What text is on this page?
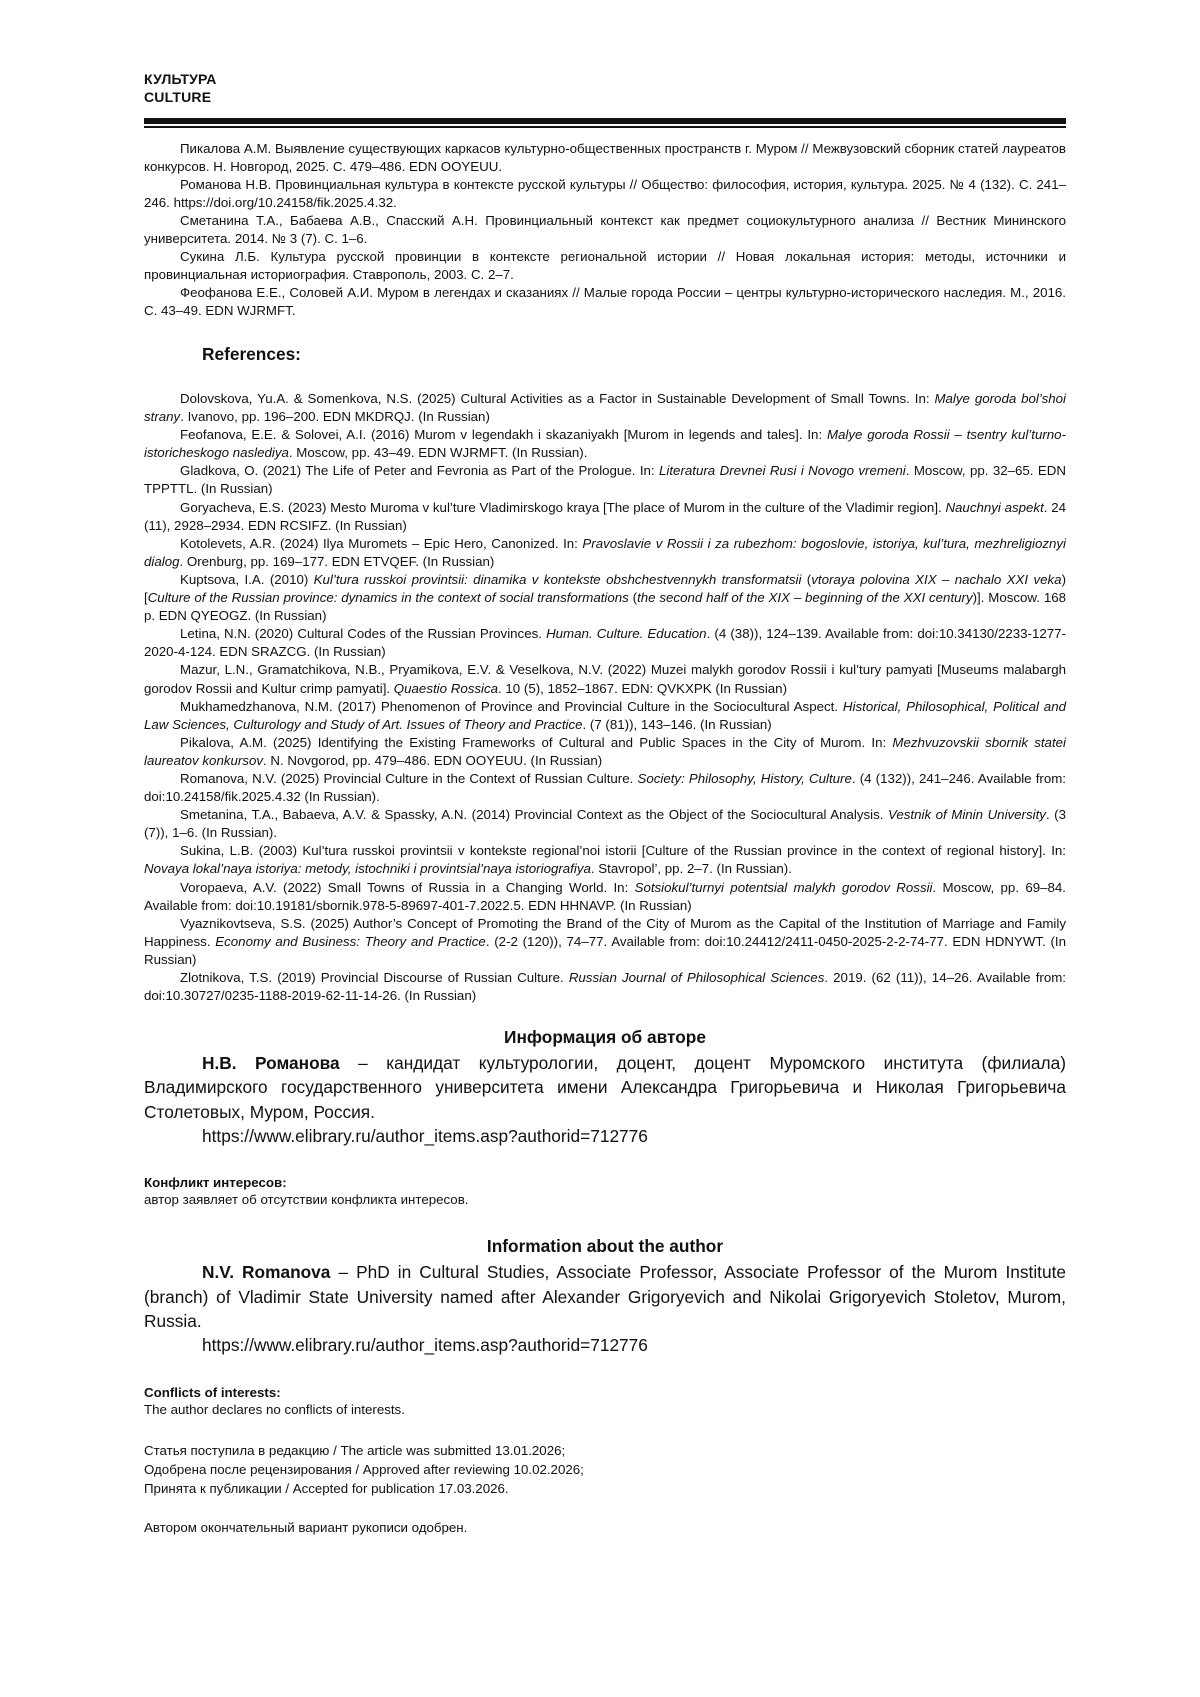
КУЛЬТУРА
CULTURE

Пикалова А.М. Выявление существующих каркасов культурно-общественных пространств г. Муром // Межвузовский сборник статей лауреатов конкурсов. Н. Новгород, 2025. С. 479–486. EDN OOYEUU.

Романова Н.В. Провинциальная культура в контексте русской культуры // Общество: философия, история, культура. 2025. № 4 (132). С. 241–246. https://doi.org/10.24158/fik.2025.4.32.

Сметанина Т.А., Бабаева А.В., Спасский А.Н. Провинциальный контекст как предмет социокультурного анализа // Вестник Мининского университета. 2014. № 3 (7). С. 1–6.

Сукина Л.Б. Культура русской провинции в контексте региональной истории // Новая локальная история: методы, источники и провинциальная историография. Ставрополь, 2003. С. 2–7.

Феофанова Е.Е., Соловей А.И. Муром в легендах и сказаниях // Малые города России – центры культурно-исторического наследия. М., 2016. С. 43–49. EDN WJRMFT.

References:

Dolovskova, Yu.A. & Somenkova, N.S. (2025) Cultural Activities as a Factor in Sustainable Development of Small Towns. In: Malye goroda bol’shoi strany. Ivanovo, pp. 196–200. EDN MKDRQJ. (In Russian)

Feofanova, E.E. & Solovei, A.I. (2016) Murom v legendakh i skazaniyakh [Murom in legends and tales]. In: Malye goroda Rossii – tsentry kul’turno-istoricheskogo naslediya. Moscow, pp. 43–49. EDN WJRMFT. (In Russian).

Gladkova, O. (2021) The Life of Peter and Fevronia as Part of the Prologue. In: Literatura Drevnei Rusi i Novogo vremeni. Moscow, pp. 32–65. EDN TPPTTL. (In Russian)

Goryacheva, E.S. (2023) Mesto Muroma v kul’ture Vladimirskogo kraya [The place of Murom in the culture of the Vladimir region]. Nauchnyi aspekt. 24 (11), 2928–2934. EDN RCSIFZ. (In Russian)

Kotolevets, A.R. (2024) Ilya Muromets – Epic Hero, Canonized. In: Pravoslavie v Rossii i za rubezhom: bogoslovie, istoriya, kul’tura, mezhreligioznyi dialog. Orenburg, pp. 169–177. EDN ETVQEF. (In Russian)

Kuptsova, I.A. (2010) Kul’tura russkoi provintsii: dinamika v kontekste obshchestvennykh transformatsii (vtoraya polovina XIX – nachalo XXI veka) [Culture of the Russian province: dynamics in the context of social transformations (the second half of the XIX – beginning of the XXI century)]. Moscow. 168 p. EDN QYEOGZ. (In Russian)

Letina, N.N. (2020) Cultural Codes of the Russian Provinces. Human. Culture. Education. (4 (38)), 124–139. Available from: doi:10.34130/2233-1277-2020-4-124. EDN SRAZCG. (In Russian)

Mazur, L.N., Gramatchikova, N.B., Pryamikova, E.V. & Veselkova, N.V. (2022) Muzei malykh gorodov Rossii i kul’tury pamyati [Museums malabargh gorodov Rossii and Kultur crimp pamyati]. Quaestio Rossica. 10 (5), 1852–1867. EDN: QVKXPK (In Russian)

Mukhamedzhanova, N.M. (2017) Phenomenon of Province and Provincial Culture in the Sociocultural Aspect. Historical, Philosophical, Political and Law Sciences, Culturology and Study of Art. Issues of Theory and Practice. (7 (81)), 143–146. (In Russian)

Pikalova, A.M. (2025) Identifying the Existing Frameworks of Cultural and Public Spaces in the City of Murom. In: Mezhvuzovskii sbornik statei laureatov konkursov. N. Novgorod, pp. 479–486. EDN OOYEUU. (In Russian)

Romanova, N.V. (2025) Provincial Culture in the Context of Russian Culture. Society: Philosophy, History, Culture. (4 (132)), 241–246. Available from: doi:10.24158/fik.2025.4.32 (In Russian).

Smetanina, T.A., Babaeva, A.V. & Spassky, A.N. (2014) Provincial Context as the Object of the Sociocultural Analysis. Vestnik of Minin University. (3 (7)), 1–6. (In Russian).

Sukina, L.B. (2003) Kul’tura russkoi provintsii v kontekste regional’noi istorii [Culture of the Russian province in the context of regional history]. In: Novaya lokal’naya istoriya: metody, istochniki i provintsial’naya istoriografiya. Stavropol’, pp. 2–7. (In Russian).

Voropaeva, A.V. (2022) Small Towns of Russia in a Changing World. In: Sotsiokul’turnyi potentsial malykh gorodov Rossii. Moscow, pp. 69–84. Available from: doi:10.19181/sbornik.978-5-89697-401-7.2022.5. EDN HHNAVP. (In Russian)

Vyaznikovtseva, S.S. (2025) Author’s Concept of Promoting the Brand of the City of Murom as the Capital of the Institution of Marriage and Family Happiness. Economy and Business: Theory and Practice. (2-2 (120)), 74–77. Available from: doi:10.24412/2411-0450-2025-2-2-74-77. EDN HDNYWT. (In Russian)

Zlotnikova, T.S. (2019) Provincial Discourse of Russian Culture. Russian Journal of Philosophical Sciences. 2019. (62 (11)), 14–26. Available from: doi:10.30727/0235-1188-2019-62-11-14-26. (In Russian)

Информация об авторе

Н.В. Романова – кандидат культурологии, доцент, доцент Муромского института (филиала) Владимирского государственного университета имени Александра Григорьевича и Николая Григорьевича Столетовых, Муром, Россия.

https://www.elibrary.ru/author_items.asp?authorid=712776

Конфликт интересов:
автор заявляет об отсутствии конфликта интересов.
Information about the author

N.V. Romanova – PhD in Cultural Studies, Associate Professor, Associate Professor of the Murom Institute (branch) of Vladimir State University named after Alexander Grigoryevich and Nikolai Grigoryevich Stoletov, Murom, Russia.

https://www.elibrary.ru/author_items.asp?authorid=712776

Conflicts of interests:
The author declares no conflicts of interests.
Статья поступила в редакцию / The article was submitted 13.01.2026;
Одобрена после рецензирования / Approved after reviewing 10.02.2026;
Принята к публикации / Accepted for publication 17.03.2026.
Автором окончательный вариант рукописи одобрен.
